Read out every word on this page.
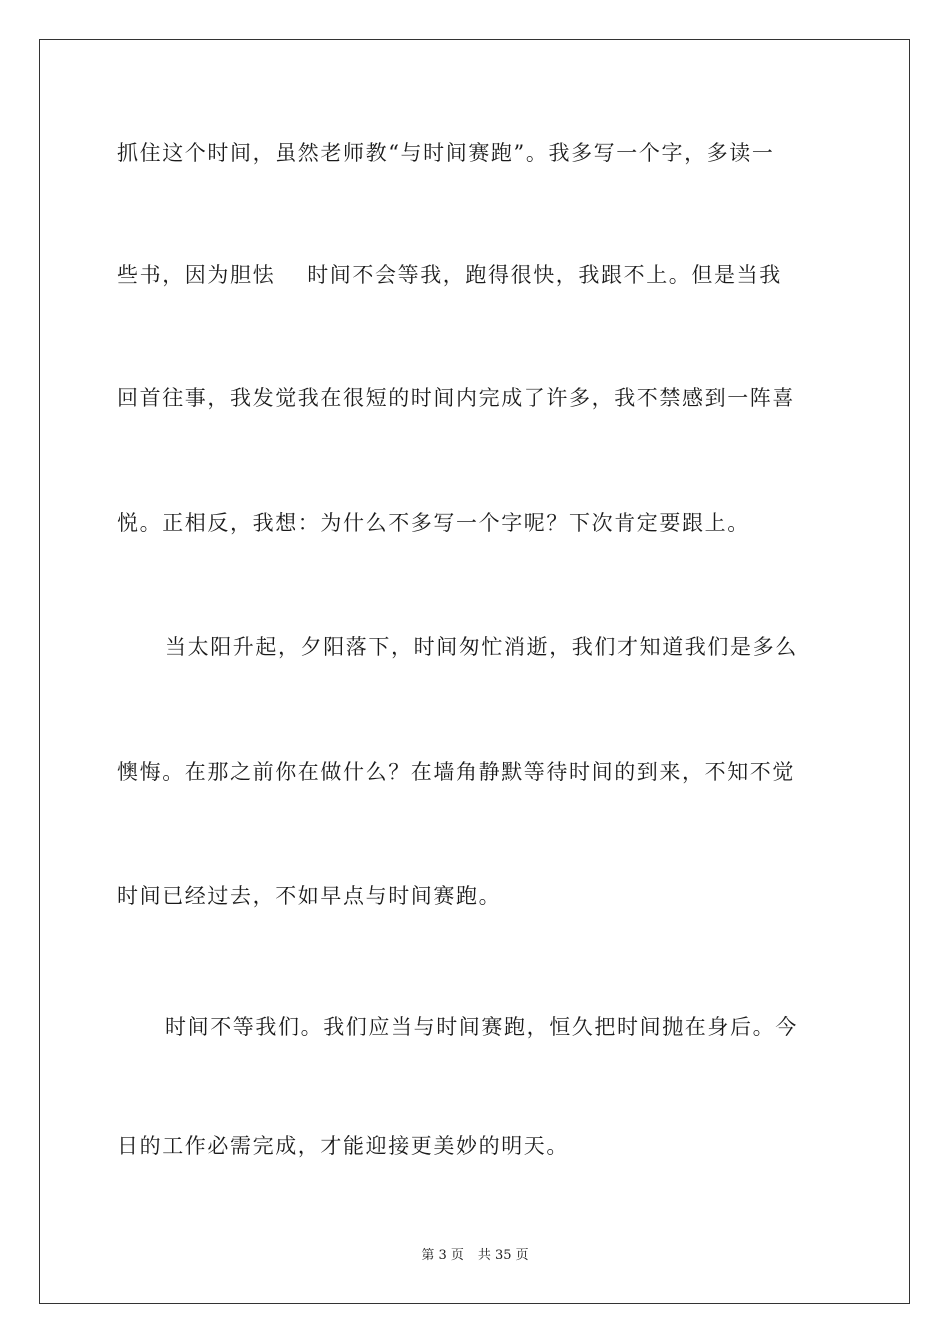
抓住这个时间，虽然老师教“与时间赛跑”。我多写一个字，多读一
些书，因为胆怯 时间不会等我，跑得很快，我跟不上。但是当我
回首往事，我发觉我在很短的时间内完成了许多，我不禁感到一阵喜
悦。正相反，我想：为什么不多写一个字呢？下次肯定要跟上。
当太阳升起，夕阳落下，时间匆忙消逝，我们才知道我们是多么
懊悔。在那之前你在做什么？在墙角静默等待时间的到来，不知不觉
时间已经过去，不如早点与时间赛跑。
时间不等我们。我们应当与时间赛跑，恒久把时间抛在身后。今
日的工作必需完成，才能迎接更美妙的明天。
第 3 页 共 35 页
